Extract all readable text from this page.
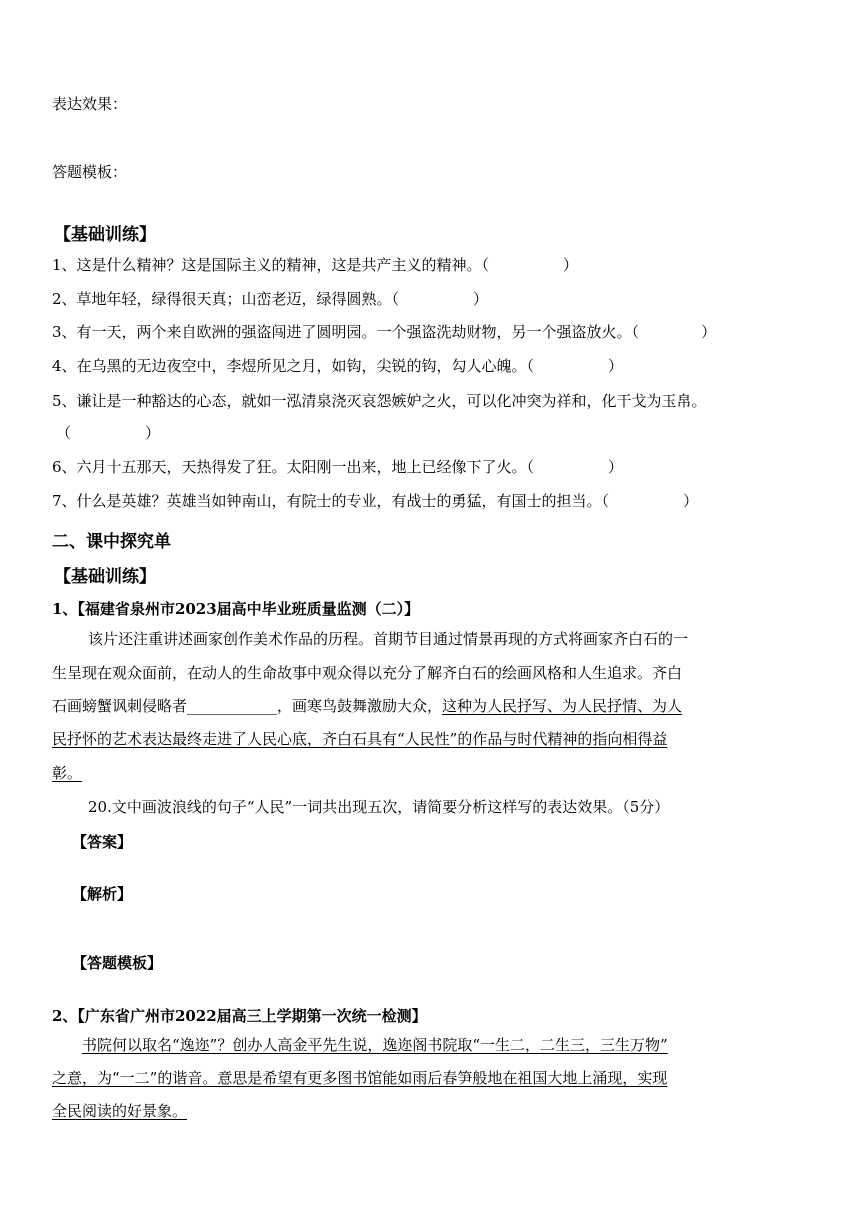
表达效果：
答题模板：
【基础训练】
1、这是什么精神？这是国际主义的精神，这是共产主义的精神。（	）
2、草地年轻，绿得很天真；山峦老迈，绿得圆熟。（	）
3、有一天，两个来自欧洲的强盗闯进了圆明园。一个强盗洗劫财物，另一个强盗放火。（	）
4、在乌黑的无边夜空中，李煜所见之月，如钩，尖锐的钩，勾人心魄。（	）
5、谦让是一种豁达的心态，就如一泓清泉浇灭哀怨嫉妒之火，可以化冲突为祥和，化干戈为玉帛。
（	）
6、六月十五那天，天热得发了狂。太阳刚一出来，地上已经像下了火。（	）
7、什么是英雄？英雄当如钟南山，有院士的专业，有战士的勇猛，有国士的担当。（	）
二、课中探究单
【基础训练】
1、【福建省泉州市2023届高中毕业班质量监测（二）】
该片还注重讲述画家创作美术作品的历程。首期节目通过情景再现的方式将画家齐白石的一
生呈现在观众面前，在动人的生命故事中观众得以充分了解齐白石的绘画风格和人生追求。齐白
石画螃蟹讽刺侵略者____________，画寒鸟鼓舞激励大众，这种为人民抒写、为人民抒情、为人
民抒怀的艺术表达最终走进了人民心底，齐白石具有“人民性”的作品与时代精神的指向相得益
彰。
20.文中画波浪线的句子“人民”一词共出现五次，请简要分析这样写的表达效果。（5分）
【答案】
【解析】
【答题模板】
2、【广东省广州市2022届高三上学期第一次统一检测】
书院何以取名“逸迩”？创办人高金平先生说，逸迩阁书院取“一生二，二生三，三生万物”
之意，为“一二”的谐音。意思是希望有更多图书馆能如雨后春笋般地在祖国大地上涌现，实现
全民阅读的好景象。
